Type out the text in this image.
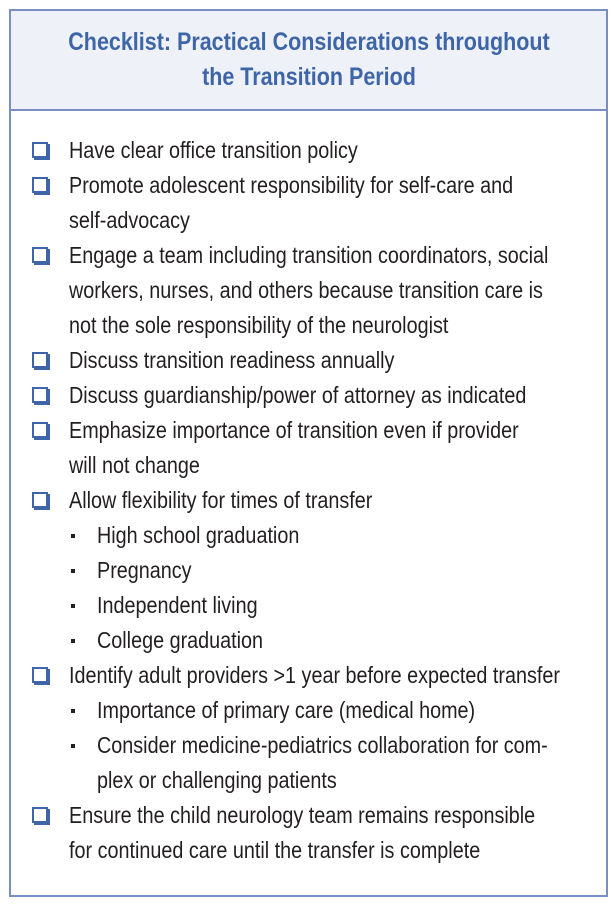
Checklist: Practical Considerations throughout
the Transition Period
Have clear office transition policy
Promote adolescent responsibility for self-care and
self-advocacy
Engage a team including transition coordinators, social
workers, nurses, and others because transition care is
not the sole responsibility of the neurologist
Discuss transition readiness annually
Discuss guardianship/power of attorney as indicated
Emphasize importance of transition even if provider
will not change
Allow flexibility for times of transfer
High school graduation
Pregnancy
Independent living
College graduation
Identify adult providers >1 year before expected transfer
Importance of primary care (medical home)
Consider medicine-pediatrics collaboration for com-
plex or challenging patients
Ensure the child neurology team remains responsible
for continued care until the transfer is complete
